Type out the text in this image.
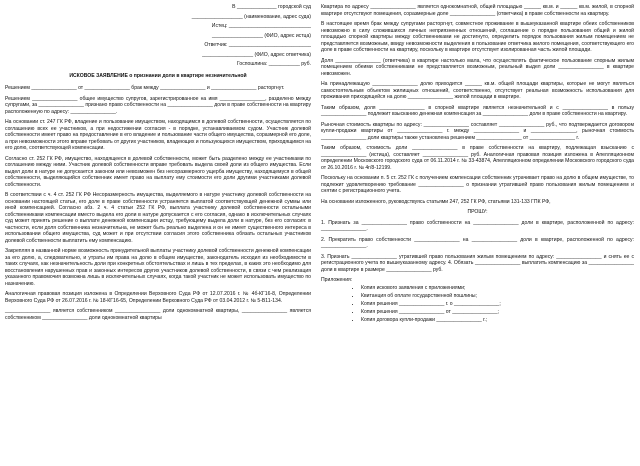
В ______________ городской суд
__________________ (наименование, адрес суда)
Истец: _____________________________
__________________ (ФИО, адрес истца)
Ответчик: _____________________________
__________________ (ФИО, адрес ответчика)
Госпошлина: ___________ руб.
ИСКОВОЕ ЗАЯВЛЕНИЕ о признании доли в квартире незначительной

Решением ________________ от ________________ брак между ________________ и ________________ расторгнут.

Решением ________________ общее имущество супругов, зарегистрированное на имя ________________, разделено между супругами, за ________________ признано право собственности на ________________ доли в праве собственности на квартиру расположенную по адресу: ________________.

На основании ст. 247 ГК РФ, владение и пользование имуществом, находящимся в долевой собственности, осуществляется по соглашению всех ее участников, а при недостижении согласия - в порядке, устанавливаемом судом. Участник долевой собственности имеет право на предоставление в его владение и пользование части общего имущества, соразмерной его доле, а при невозможности этого вправе требовать от других участников, владеющих и пользующихся имуществом, приходящимся на его долю, соответствующей компенсации.

Согласно ст. 252 ГК РФ, имущество, находящееся в долевой собственности, может быть разделено между ее участниками по соглашению между ними. Участник долевой собственности вправе требовать выдела своей доли из общего имущества. Если выдел доли в натуре не допускается законом или невозможен без несоразмерного ущерба имуществу, находящемуся в общей собственности, выделяющийся собственник имеет право на выплату ему стоимости его доли другими участниками долевой собственности.

В соответствии с ч. 4 ст. 252 ГК РФ Несоразмерность имущества, выделяемого в натуре участнику долевой собственности на основании настоящей статьи, его доле в праве собственности устраняется выплатой соответствующей денежной суммы или иной компенсацией. Согласно абз. 2 ч. 4 статьи 252 ГК РФ, выплата участнику долевой собственности остальными собственниками компенсации вместо выдела его доли в натуре допускается с его согласия, однако в исключительных случаях суд может принять решение о выплате денежной компенсации истцу, требующему выдела доли в натуре, без его согласия: в частности, если доля собственника незначительна, не может быть реально выделена и он не имеет существенного интереса в использовании общего имущества, суд может и при отсутствии согласия этого собственника обязать остальных участников долевой собственности выплатить ему компенсацию.

Закрепляя в названной норме возможность принудительной выплаты участнику долевой собственности денежной компенсации за его долю, а, следовательно, и утраты им права на долю в общем имуществе, законодатель исходил из необходимости в таких случаях, как незначительность доли при конкретных обстоятельствах и лишь в тех пределах, в каких это необходимо для восстановления нарушенных прав и законных интересов других участников долевой собственности, в связи с чем реализация указанного правомочия возможна лишь в исключительных случаях, когда такой участник не может использовать имущество по назначению.

Аналогичная правовая позиция изложена в Определении Верховного Суда РФ от 12.07.2016 г. № 4б-КГ16-8, Определении Верховного Суда РФ от 26.07.2016 г. № 18-КГ16-65, Определении Верховного Суда РФ от 03.04.2012 г. № 5-В11-134.

________________ является собственником ________________ доли однокомнатной квартиры, ________________ является собственником ________________ доли однокомнатной квартиры

Квартира по адресу ________________ является однокомнатной, общей площадью ______ кв.м. и ______ кв.м. жилой, в спорной квартире отсутствуют помещения, соразмерные доле ________________ (ответчика) в праве собственности на квартиру.

В настоящее время брак между супругами расторгнут, совместное проживание в вышеуказанной квартире обеих собственников невозможно в силу сложившихся личных неприязненных отношений, соглашение о порядке пользования общей и жилой площадью спорной квартиры между собственниками не достигнуто, определить порядок пользования жилым помещением не представляется возможным, ввиду невозможности выделения в пользование ответчика жилого помещения, соответствующего его доле в праве собственности на квартиру, поскольку в квартире отсутствует изолированная часть жилой площади.

Доля ________________ (ответчика) в квартире настолько мала, что осуществлять фактическое пользование спорным жилым помещением обеими собственниками не представляется возможным, реальный выдел доли ________________ в квартире невозможен.

На принадлежащую ________________ долю приходится ______ кв.м. общей площади квартиры, которые не могут являться самостоятельным объектом жилищных отношений, соответственно, отсутствует реальная возможность использования для проживания приходящейся на долю ________________ жилой площади в квартире.

Таким образом, доля ________________ в спорной квартире является незначительной и с ________________ в пользу ________________ подлежит взысканию денежная компенсация за ________________ доли в праве собственности на квартиру.

Рыночная стоимость квартиры по адресу: ________________ составляет ________________ руб., что подтверждается договором купли-продажи квартиры от ________________ г. между ________________ и ________________, рыночная стоимость ________________ доли квартиры также установлена решением ________________ от ________________ г.

Таким образом, стоимость доли ________________ в праве собственности на квартиру, подлежащая взысканию с ________________ (истица), составляет ________________ руб. Аналогичная правовая позиция изложена в Апелляционном определении Московского городского суда от 06.11.2014 г. № 33-43874, Апелляционном определении Московского городского суда от 26.10.2016 г. № 4г/8-12199.

Поскольку на основании п. 5 ст. 252 ГК с получением компенсации собственник утрачивает право на долю в общем имуществе, то подлежит удовлетворению требование ________________ о признании утратившей право пользования жилым помещением и снятии с регистрационного учета.

На основании изложенного, руководствуясь статьями 247, 252 ГК РФ, статьями 131-133 ГПК РФ,

ПРОШУ:

1. Признать за ________________ право собственности на ________________ доли в квартире, расположенной по адресу: ________________.

2. Прекратить право собственности ________________ на ________________ доли в квартире, расположенной по адресу: ________________.

3. Признать ________________ утратившей право пользования жилым помещением по адресу: ________________ и снять ее с регистрационного учета по вышеуказанному адресу. 4. Обязать ________________ выплатить компенсацию за ________________ доли в квартире в размере ________________ руб.

Приложения:

• Копия искового заявления с приложениями;
• Квитанция об оплате государственной пошлины;
• Копия решения ________________ г. о ________________;
• Копия решения ________________ от ________________;
• Копия договора купли-продажи ________________ г.;
